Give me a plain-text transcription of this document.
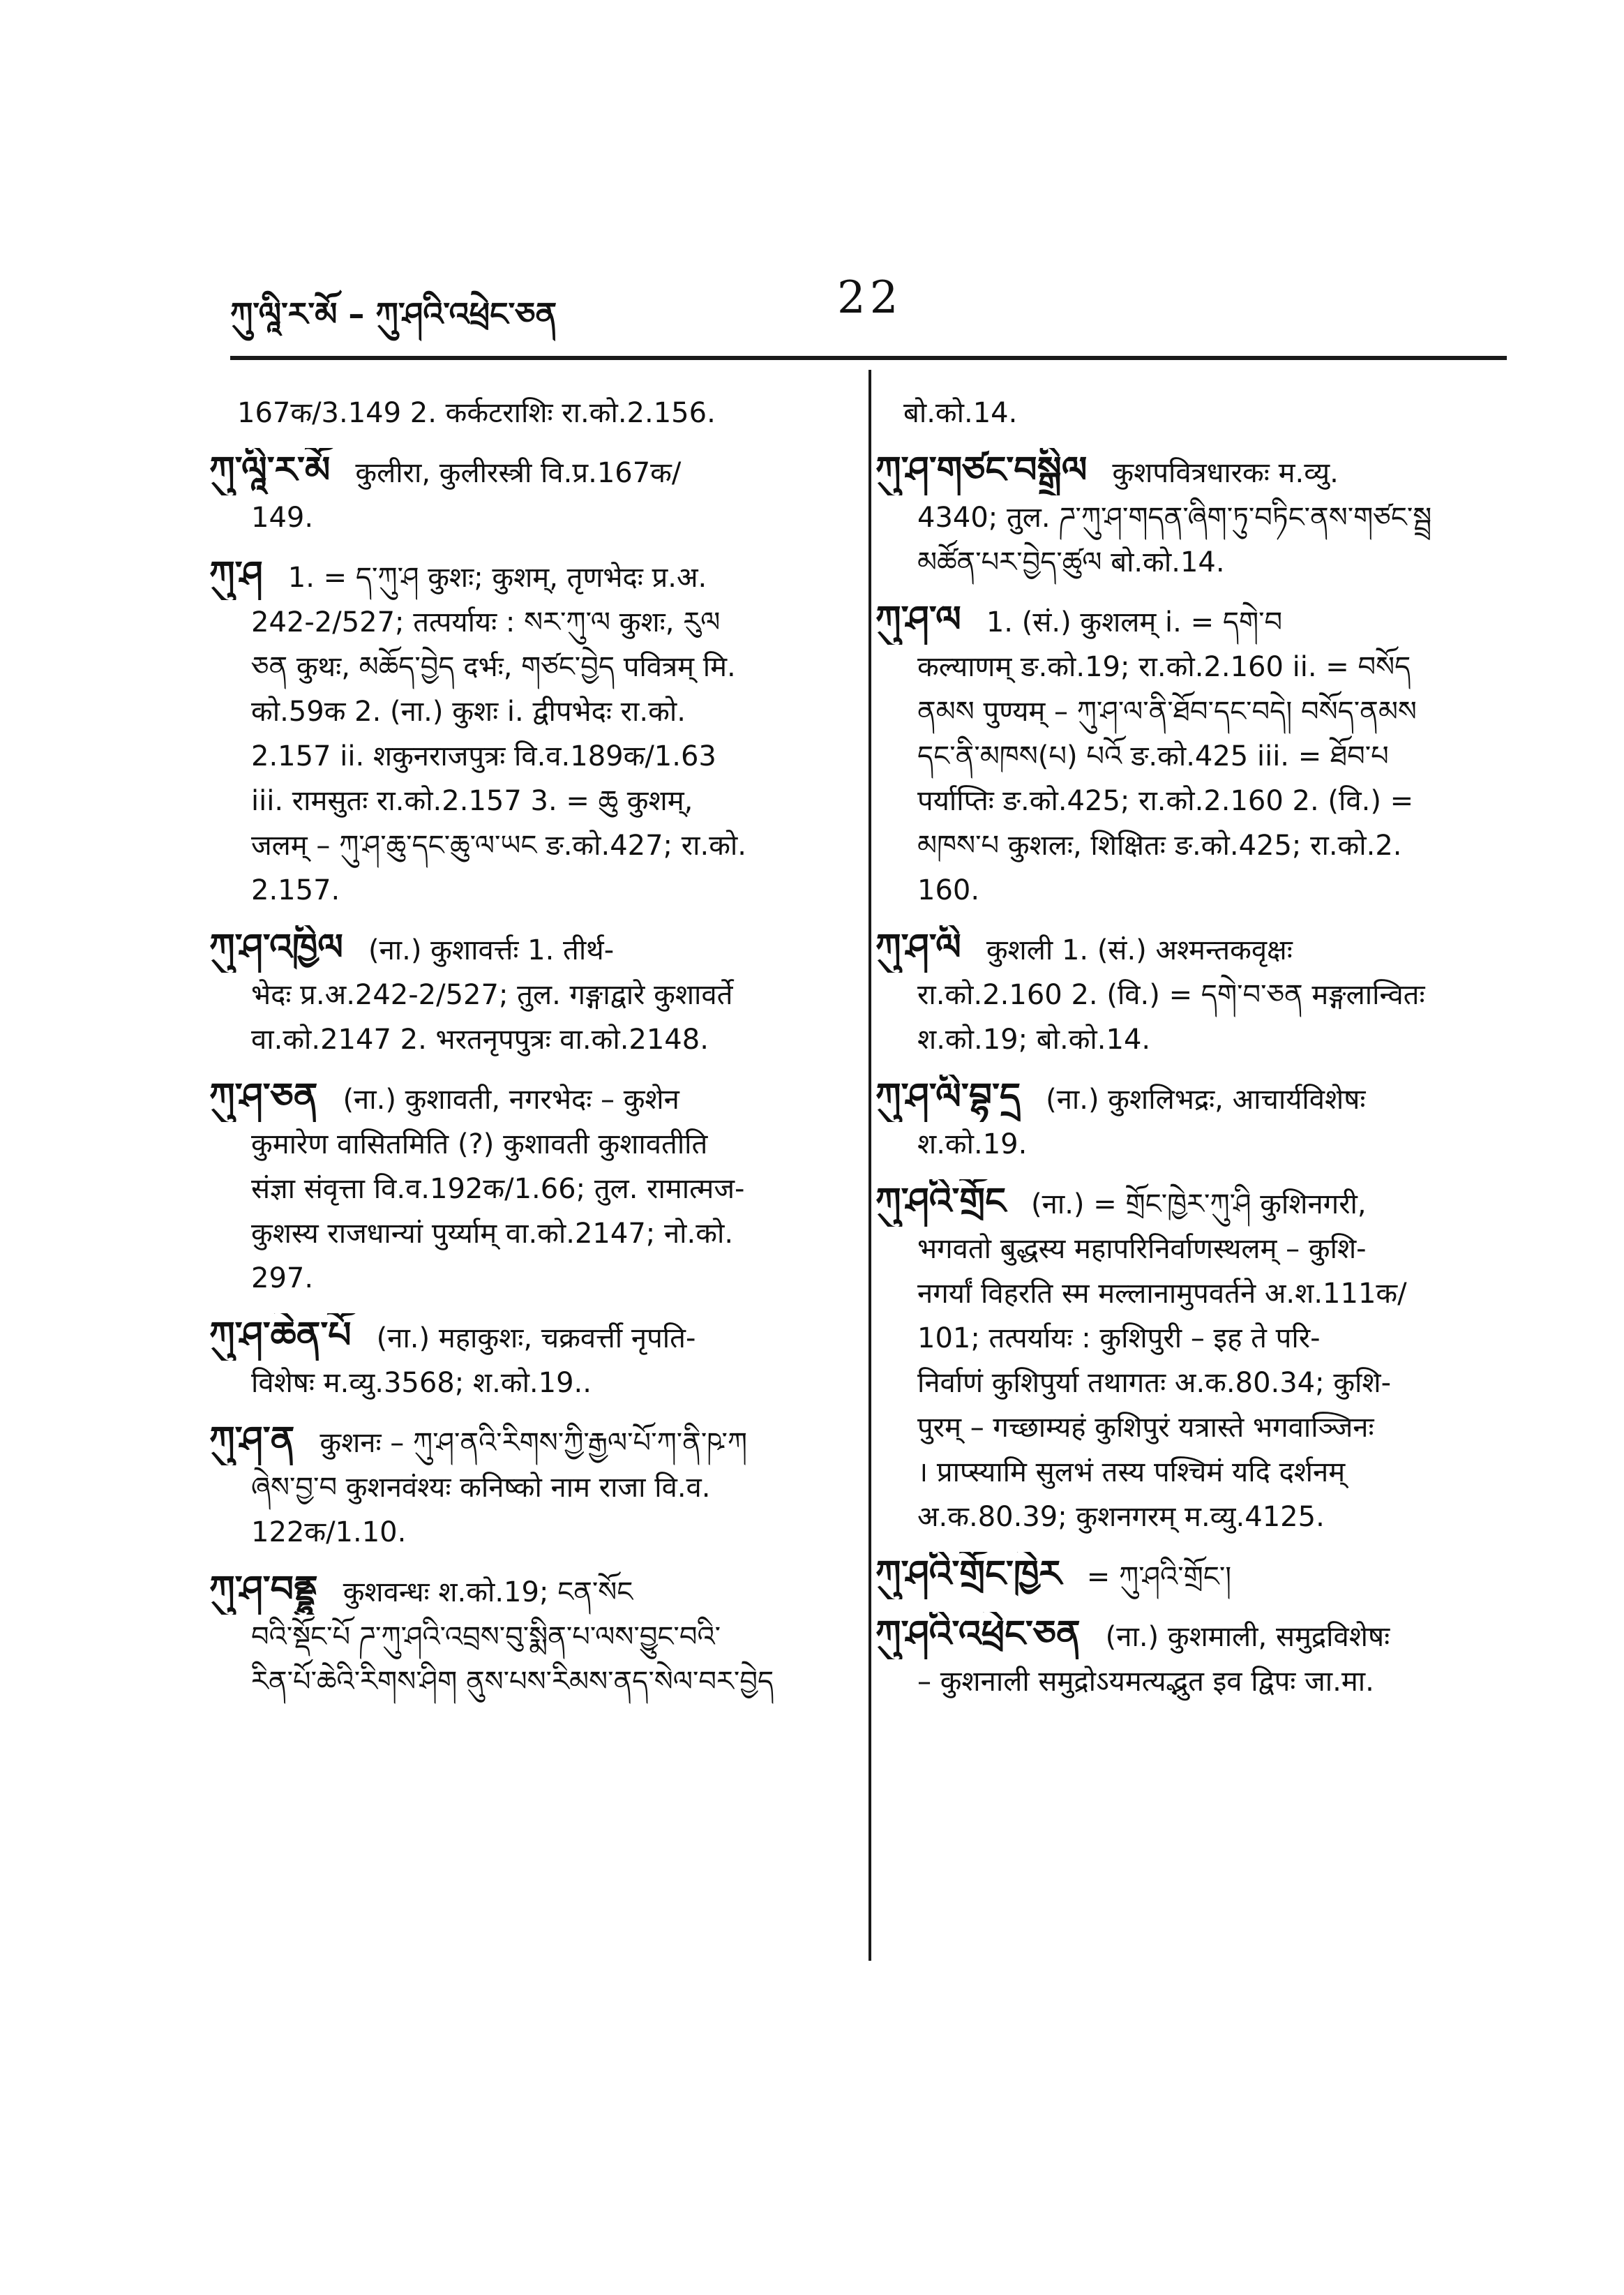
ཀུ་ལཱི་ར་མོ – ཀུ་ཤའི་འཕྲེང་ཅན	22
167क/3.149 2. कर्कटराशिः रा.को.2.156.
ཀུ་ལཱི་ར་མོ कुलीरा, कुलीरस्त्री वि.प्र.167क/
149.
ཀུ་ཤ 1. = ད་ཀུ་ཤ कुशः; कुशम्, तृणभेदः प्र.अ.
242-2/527; तत्पर्यायः : སར་ཀུ་ལ कुशः, རུལ
ཅན कुथः, མཆོད་བྱེད दर्भः, གཙང་བྱེད पवित्रम् मि.
को.59क 2. (ना.) कुशः i. द्वीपभेदः रा.को.
2.157 ii. शकुनराजपुत्रः वि.व.189क/1.63
iii. रामसुतः रा.को.2.157 3. = ཆུ कुशम्,
जलम् – ཀུ་ཤ་ཆུ་དང་ཆུ་ལ་ཡང ङ.को.427; रा.को.
2.157.
ཀུ་ཤ་འཁྱིལ (ना.) कुशावर्त्तः 1. तीर्थ-
भेदः प्र.अ.242-2/527; तुल. गङ्गाद्वारे कुशावर्ते
वा.को.2147 2. भरतनृपपुत्रः वा.को.2148.
ཀུ་ཤ་ཅན (ना.) कुशावती, नगरभेदः – कुशेन
कुमारेण वासितमिति (?) कुशावती कुशावतीति
संज्ञा संवृत्ता वि.व.192क/1.66; तुल. रामात्मज-
कुशस्य राजधान्यां पुर्य्याम् वा.को.2147; नो.को.
297.
ཀུ་ཤ་ཆེན་པོ (ना.) महाकुशः, चक्रवर्त्ती नृपति-
विशेषः म.व्यु.3568; श.को.19..
ཀུ་ཤ་ན कुशनः – ཀུ་ཤ་ནའི་རིགས་ཀྱི་རྒྱལ་པོ་ཀ་ནི་ཥ་ཀ
ཞེས་བྱ་བ कुशनवंश्यः कनिष्को नाम राजा वि.व.
122क/1.10.
ཀུ་ཤ་བནྡྷུ कुशवन्धः श.को.19; ངན་སོང
བའི་སྡོང་པོ ཌ་ཀུ་ཤའི་འབྲས་བུ་སྨིན་པ་ལས་བྱུང་བའི་
རིན་པོ་ཆེའི་རིགས་ཤིག ནུས་པས་རིམས་ནད་སེལ་བར་བྱེད
बो.को.14.
ཀུ་ཤ་གཙང་བསྒྲིལ कुशपवित्रधारकः म.व्यु.
4340; तुल. ཌ་ཀུ་ཤ་གདན་ཞིག་ཏུ་བཏིང་ནས་གཙང་སྦྲ
མཚོན་པར་བྱེད་ཚུལ बो.को.14.
ཀུ་ཤ་ལ 1. (सं.) कुशलम् i. = དགེ་བ
कल्याणम् ङ.को.19; रा.को.2.160 ii. = བསོད
ནམས पुण्यम् – ཀུ་ཤ་ལ་ནི་ཐོབ་དང་བདེ། བསོད་ནམས
དང་ནི་མཁས(པ) པའོ ङ.को.425 iii. = ཐོབ་པ
पर्याप्तिः ङ.को.425; रा.को.2.160 2. (वि.) =
མཁས་པ कुशलः, शिक्षितः ङ.को.425; रा.को.2.
160.
ཀུ་ཤ་ལི कुशली 1. (सं.) अश्मन्तकवृक्षः
रा.को.2.160 2. (वि.) = དགེ་བ་ཅན मङ्गलान्वितः
श.को.19; बो.को.14.
ཀུ་ཤ་ལི་བྷ་དྲ (ना.) कुशलिभद्रः, आचार्यविशेषः
श.को.19.
ཀུ་ཤའི་གྲོང (ना.) = གྲོང་ཁྱེར་ཀུ་ཤི कुशिनगरी,
भगवतो बुद्धस्य महापरिनिर्वाणस्थलम् – कुशि-
नगर्यां विहरति स्म मल्लानामुपवर्तने अ.श.111क/
101; तत्पर्यायः : कुशिपुरी – इह ते परि-
निर्वाणं कुशिपुर्या तथागतः अ.क.80.34; कुशि-
पुरम् – गच्छाम्यहं कुशिपुरं यत्रास्ते भगवाञ्जिनः
। प्राप्स्यामि सुलभं तस्य पश्चिमं यदि दर्शनम्
अ.क.80.39; कुशनगरम् म.व्यु.4125.
ཀུ་ཤའི་གྲོང་ཁྱེར = ཀུ་ཤའི་གྲོང་།
ཀུ་ཤའི་འཕྲེང་ཅན (ना.) कुशमाली, समुद्रविशेषः
– कुशनाली समुद्रोऽयमत्यद्भुत इव द्विपः जा.मा.
